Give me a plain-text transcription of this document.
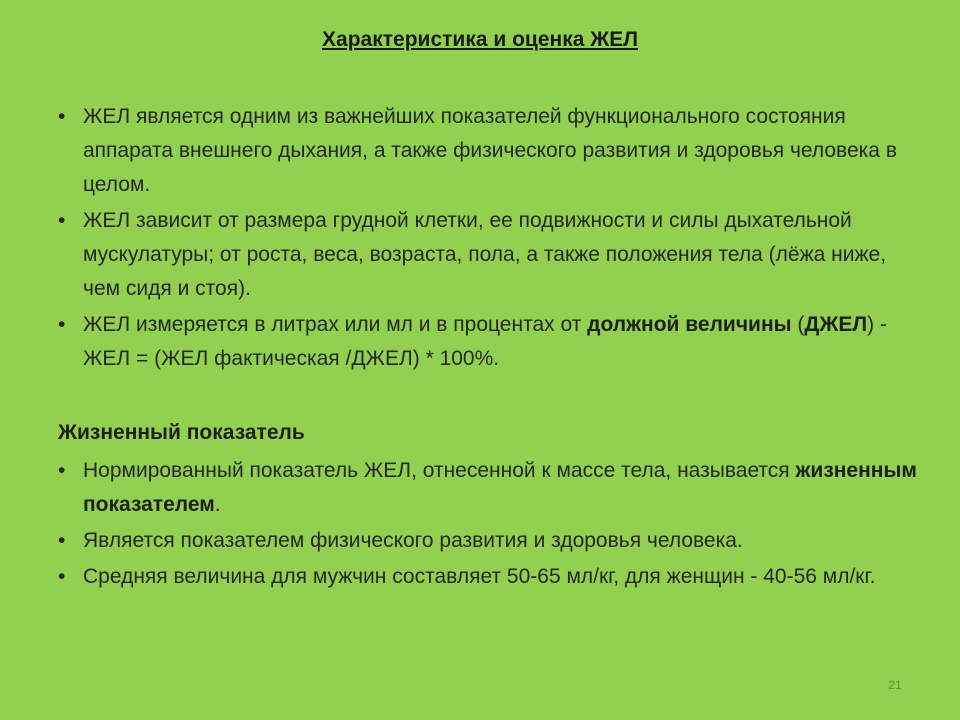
Характеристика и оценка ЖЕЛ
• ЖЕЛ является одним из важнейших показателей функционального состояния аппарата внешнего дыхания, а также физического развития и здоровья человека в целом.
• ЖЕЛ зависит от размера грудной клетки, ее подвижности и силы дыхательной мускулатуры; от роста, веса, возраста, пола, а также положения тела (лёжа ниже, чем сидя и стоя).
• ЖЕЛ измеряется в литрах или мл и в процентах от должной величины (ДЖЕЛ) -   ЖЕЛ = (ЖЕЛ фактическая /ДЖЕЛ) * 100%.
Жизненный показатель
• Нормированный показатель ЖЕЛ, отнесенной к массе тела, называется жизненным показателем.
• Является показателем физического развития и здоровья человека.
• Средняя величина для мужчин составляет 50-65 мл/кг, для женщин - 40-56 мл/кг.
21
